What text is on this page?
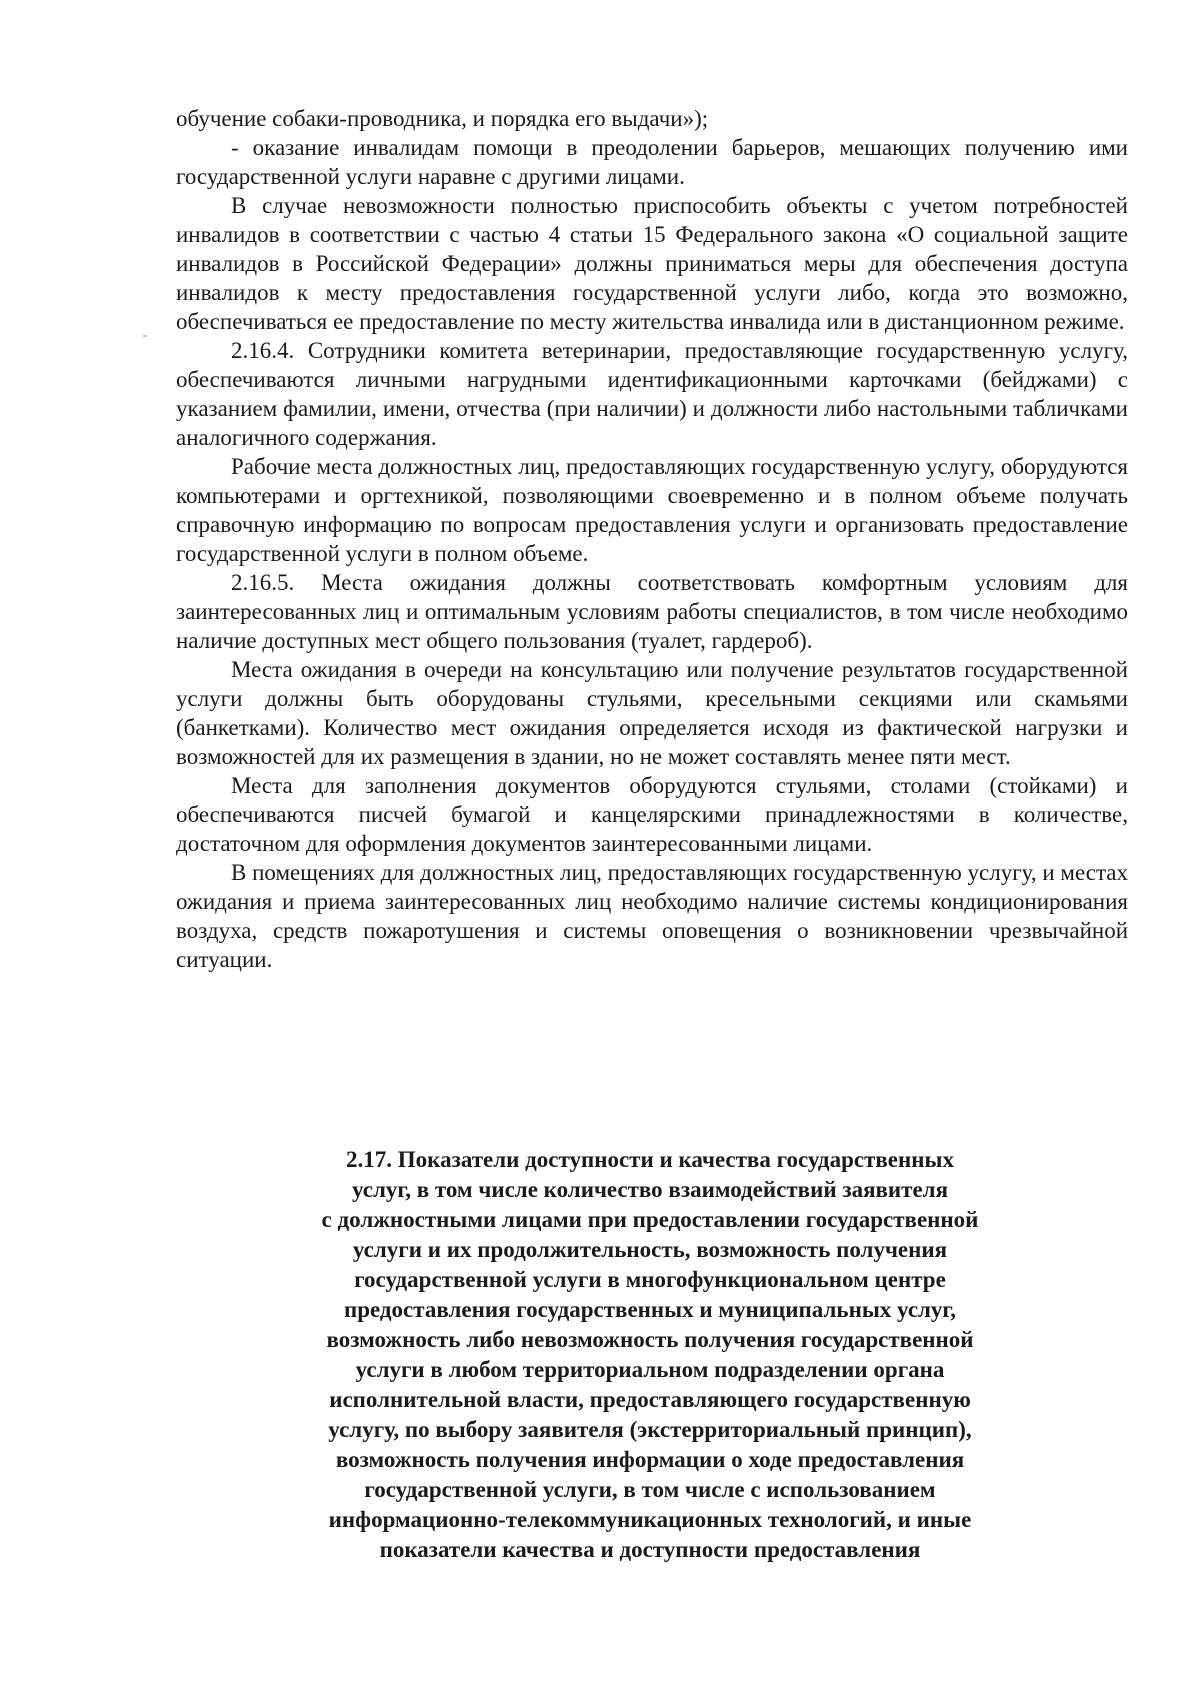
обучение собаки-проводника, и порядка его выдачи»);

- оказание инвалидам помощи в преодолении барьеров, мешающих получению ими государственной услуги наравне с другими лицами.

В случае невозможности полностью приспособить объекты с учетом потребностей инвалидов в соответствии с частью 4 статьи 15 Федерального закона «О социальной защите инвалидов в Российской Федерации» должны приниматься меры для обеспечения доступа инвалидов к месту предоставления государственной услуги либо, когда это возможно, обеспечиваться ее предоставление по месту жительства инвалида или в дистанционном режиме.

2.16.4. Сотрудники комитета ветеринарии, предоставляющие государственную услугу, обеспечиваются личными нагрудными идентификационными карточками (бейджами) с указанием фамилии, имени, отчества (при наличии) и должности либо настольными табличками аналогичного содержания.

Рабочие места должностных лиц, предоставляющих государственную услугу, оборудуются компьютерами и оргтехникой, позволяющими своевременно и в полном объеме получать справочную информацию по вопросам предоставления услуги и организовать предоставление государственной услуги в полном объеме.

2.16.5. Места ожидания должны соответствовать комфортным условиям для заинтересованных лиц и оптимальным условиям работы специалистов, в том числе необходимо наличие доступных мест общего пользования (туалет, гардероб).

Места ожидания в очереди на консультацию или получение результатов государственной услуги должны быть оборудованы стульями, кресельными секциями или скамьями (банкетками). Количество мест ожидания определяется исходя из фактической нагрузки и возможностей для их размещения в здании, но не может составлять менее пяти мест.

Места для заполнения документов оборудуются стульями, столами (стойками) и обеспечиваются писчей бумагой и канцелярскими принадлежностями в количестве, достаточном для оформления документов заинтересованными лицами.

В помещениях для должностных лиц, предоставляющих государственную услугу, и местах ожидания и приема заинтересованных лиц необходимо наличие системы кондиционирования воздуха, средств пожаротушения и системы оповещения о возникновении чрезвычайной ситуации.

2.17. Показатели доступности и качества государственных
услуг, в том числе количество взаимодействий заявителя
с должностными лицами при предоставлении государственной
услуги и их продолжительность, возможность получения
государственной услуги в многофункциональном центре
предоставления государственных и муниципальных услуг,
возможность либо невозможность получения государственной
услуги в любом территориальном подразделении органа
исполнительной власти, предоставляющего государственную
услугу, по выбору заявителя (экстерриториальный принцип),
возможность получения информации о ходе предоставления
государственной услуги, в том числе с использованием
информационно-телекоммуникационных технологий, и иные
показатели качества и доступности предоставления
